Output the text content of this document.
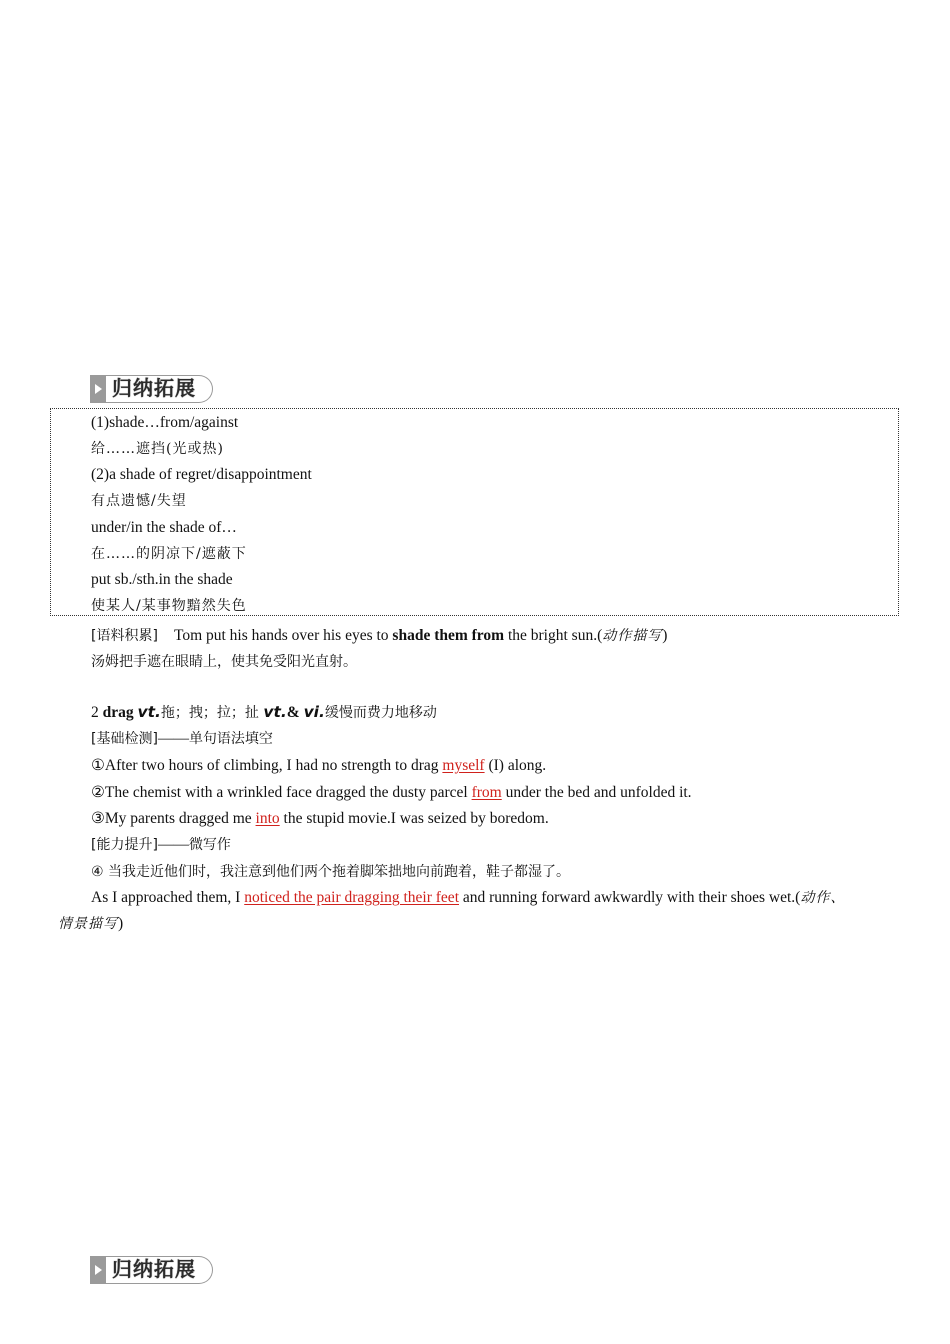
归纳拓展
(1)shade…from/against
给……遮挡(光或热)
(2)a shade of regret/disappointment
有点遗憾/失望
under/in the shade of…
在……的阴凉下/遮蔽下
put sb./sth.in the shade
使某人/某事物黯然失色
[语料积累] Tom put his hands over his eyes to shade them from the bright sun.(动作描写)
汤姆把手遮在眼睛上，使其免受阳光直射。
2 drag vt.拖；拽；拉；扯 vt.& vi.缓慢而费力地移动
[基础检测]——单句语法填空
①After two hours of climbing, I had no strength to drag myself (I) along.
②The chemist with a wrinkled face dragged the dusty parcel from under the bed and unfolded it.
③My parents dragged me into the stupid movie.I was seized by boredom.
[能力提升]——微写作
④ 当我走近他们时，我注意到他们两个拖着脚笨拙地向前跑着，鞋子都湿了。
As I approached them, I noticed the pair dragging their feet and running forward awkwardly with their shoes wet.(动作、
情景描写)
归纳拓展
